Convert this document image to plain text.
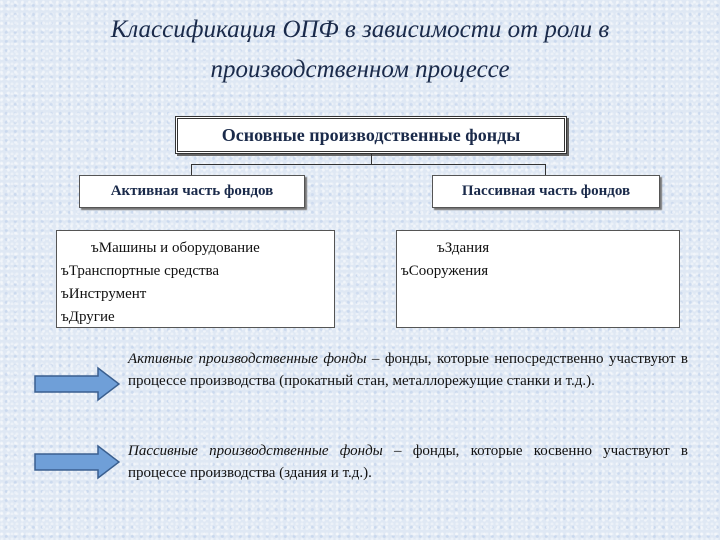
Классификация ОПФ в зависимости от роли в
производственном процессе
Основные производственные фонды
Активная часть фондов	Пассивная часть фондов
ъМашины и оборудование
ъТранспортные средства
ъИнструмент
ъДругие
ъЗдания
ъСооружения
Активные производственные фонды – фонды, которые непосредственно участвуют в процессе производства (прокатный стан, металлорежущие станки и т.д.).
Пассивные производственные фонды – фонды, которые косвенно участвуют в процессе производства (здания и т.д.).
